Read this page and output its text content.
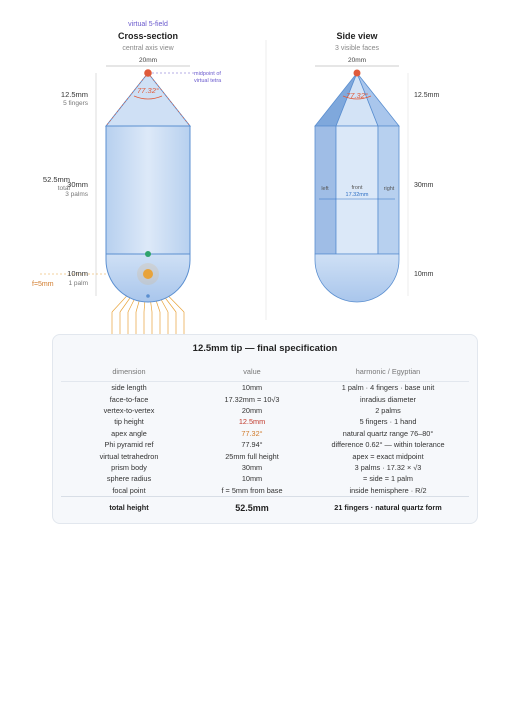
virtual 5-field
Cross-section
central axis view
20mm
77.32°
midpoint of
virtual tetra
12.5mm
5 fingers
52.5mm
total
30mm
3 palms
10mm
1 palm
f=5mm
Side view
3 visible faces
20mm
77.32°
left	front
17.32mm
right
12.5mm
30mm
10mm
12.5mm tip — final specification
dimension	value	harmonic / Egyptian
side length	10mm	1 palm · 4 fingers · base unit
face-to-face	17.32mm = 10√3	inradius diameter
vertex-to-vertex	20mm	2 palms
tip height	12.5mm	5 fingers · 1 hand
apex angle	77.32°	natural quartz range 76–80°
Phi pyramid ref	77.94°	difference 0.62° — within tolerance
virtual tetrahedron	25mm full height	apex = exact midpoint
prism body	30mm	3 palms · 17.32 × √3
sphere radius	10mm	= side = 1 palm
focal point	f = 5mm from base	inside hemisphere · R/2
total height	52.5mm	21 fingers · natural quartz form
